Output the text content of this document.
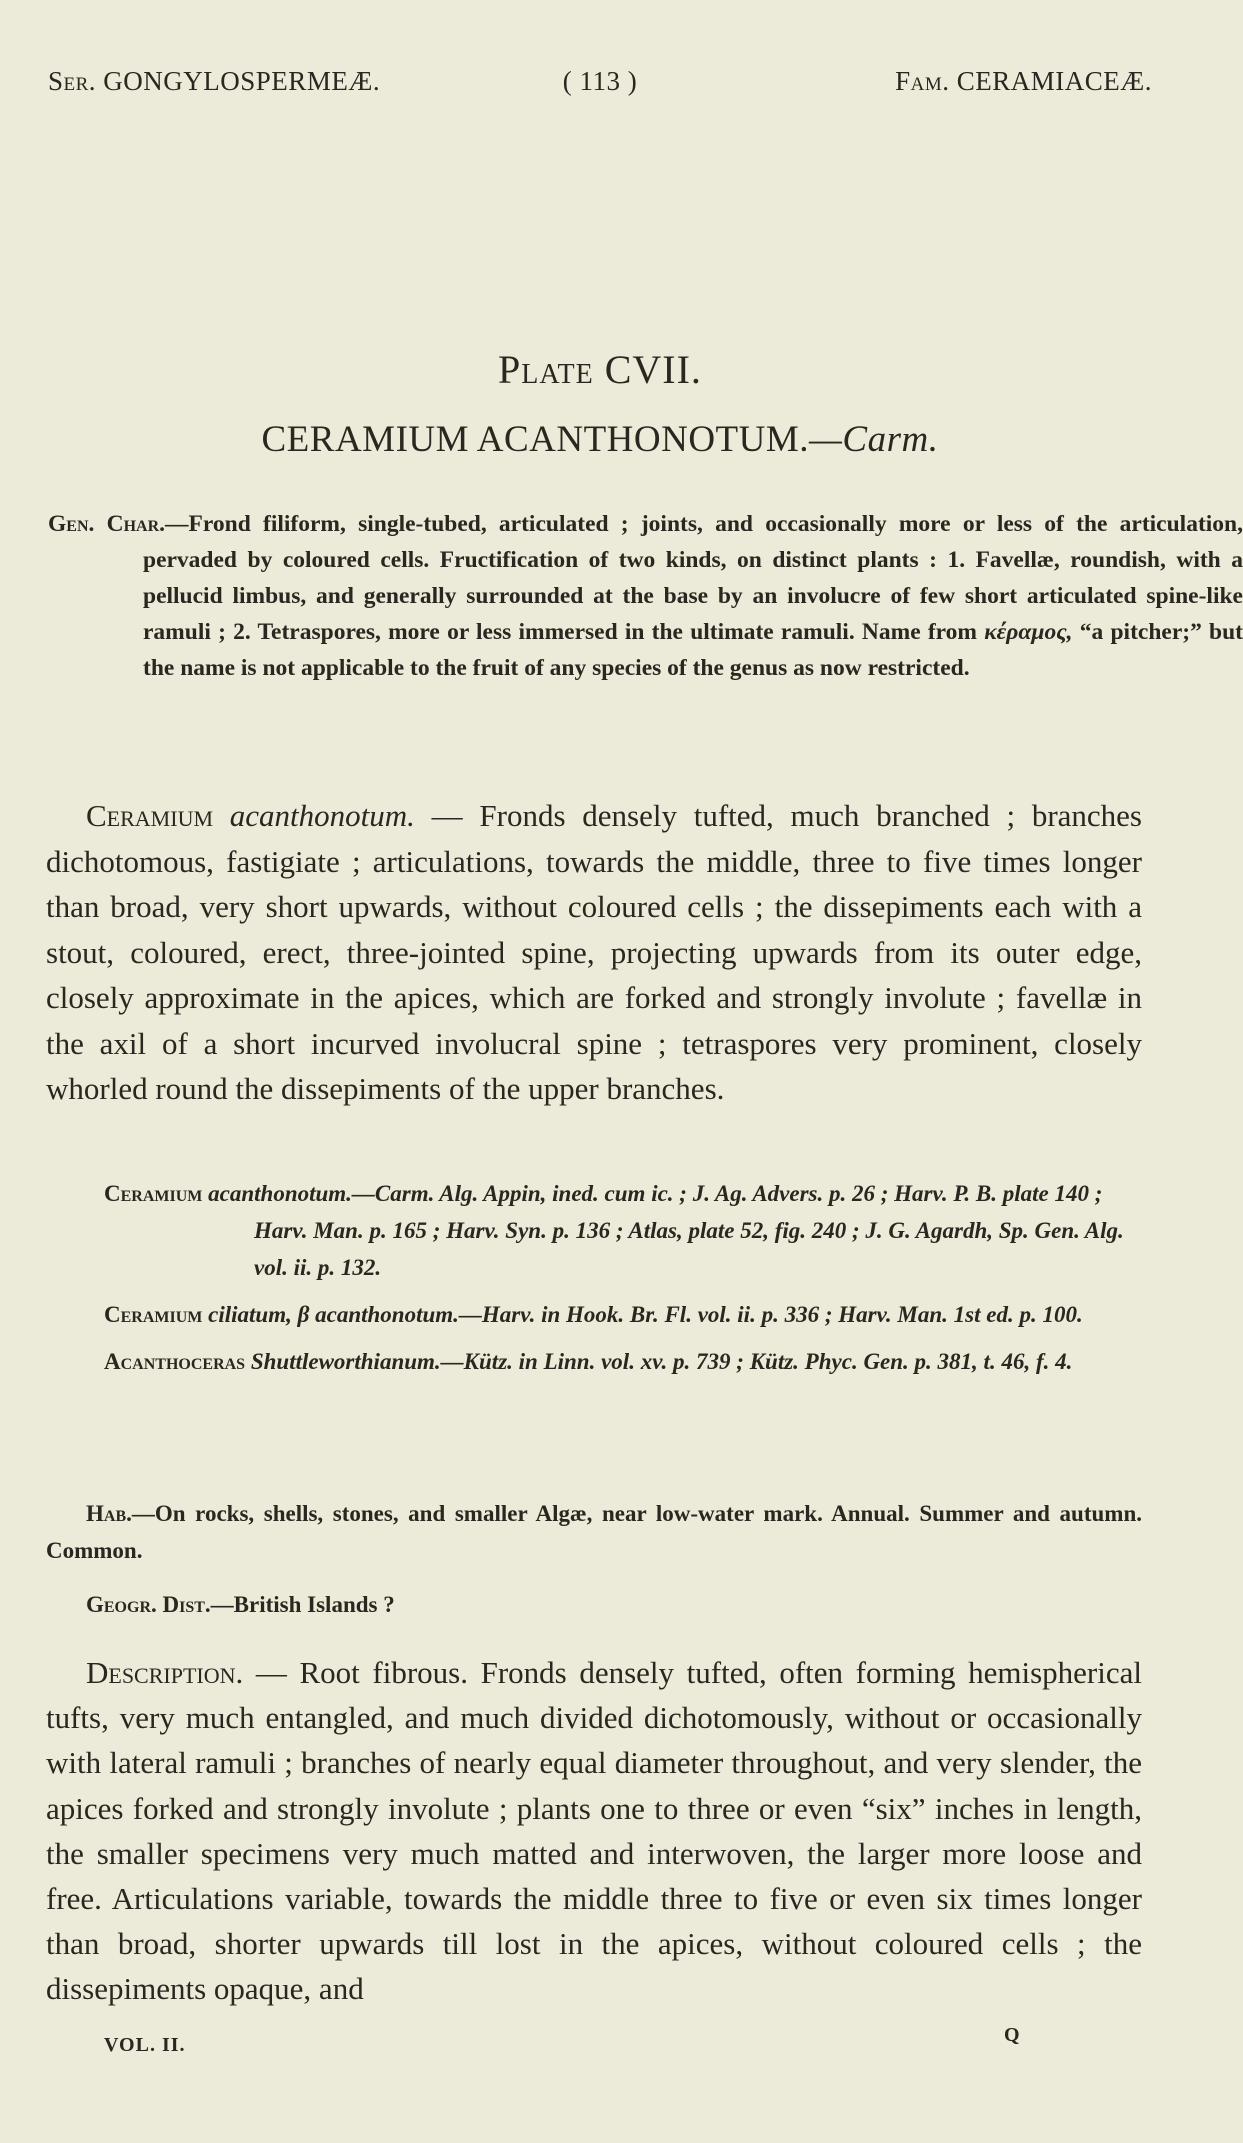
Ser. GONGYLOSPERMEÆ.	( 113 )	Fam. CERAMIACEÆ.
Plate CVII.
CERAMIUM ACANTHONOTUM.—Carm.
Gen. Char.—Frond filiform, single-tubed, articulated ; joints, and occasionally more or less of the articulation, pervaded by coloured cells. Fructification of two kinds, on distinct plants : 1. Favellæ, roundish, with a pellucid limbus, and generally surrounded at the base by an involucre of few short articulated spine-like ramuli ; 2. Tetraspores, more or less immersed in the ultimate ramuli. Name from κέραμος, “a pitcher;” but the name is not applicable to the fruit of any species of the genus as now restricted.
Ceramium acanthonotum. — Fronds densely tufted, much branched ; branches dichotomous, fastigiate ; articulations, towards the middle, three to five times longer than broad, very short upwards, without coloured cells ; the dissepiments each with a stout, coloured, erect, three-jointed spine, projecting upwards from its outer edge, closely approximate in the apices, which are forked and strongly involute ; favellæ in the axil of a short incurved involucral spine ; tetraspores very prominent, closely whorled round the dissepiments of the upper branches.
Ceramium acanthonotum.—Carm. Alg. Appin, ined. cum ic. ; J. Ag. Advers. p. 26 ; Harv. P. B. plate 140 ; Harv. Man. p. 165 ; Harv. Syn. p. 136 ; Atlas, plate 52, fig. 240 ; J. G. Agardh, Sp. Gen. Alg. vol. ii. p. 132.
Ceramium ciliatum, β acanthonotum.—Harv. in Hook. Br. Fl. vol. ii. p. 336 ; Harv. Man. 1st ed. p. 100.
Acanthoceras Shuttleworthianum.—Kütz. in Linn. vol. xv. p. 739 ; Kütz. Phyc. Gen. p. 381, t. 46, f. 4.
Hab.—On rocks, shells, stones, and smaller Algæ, near low-water mark. Annual. Summer and autumn. Common.
Geogr. Dist.—British Islands ?
Description. — Root fibrous. Fronds densely tufted, often forming hemispherical tufts, very much entangled, and much divided dichotomously, without or occasionally with lateral ramuli ; branches of nearly equal diameter throughout, and very slender, the apices forked and strongly involute ; plants one to three or even “six” inches in length, the smaller specimens very much matted and interwoven, the larger more loose and free. Articulations variable, towards the middle three to five or even six times longer than broad, shorter upwards till lost in the apices, without coloured cells ; the dissepiments opaque, and
VOL. II.	Q
